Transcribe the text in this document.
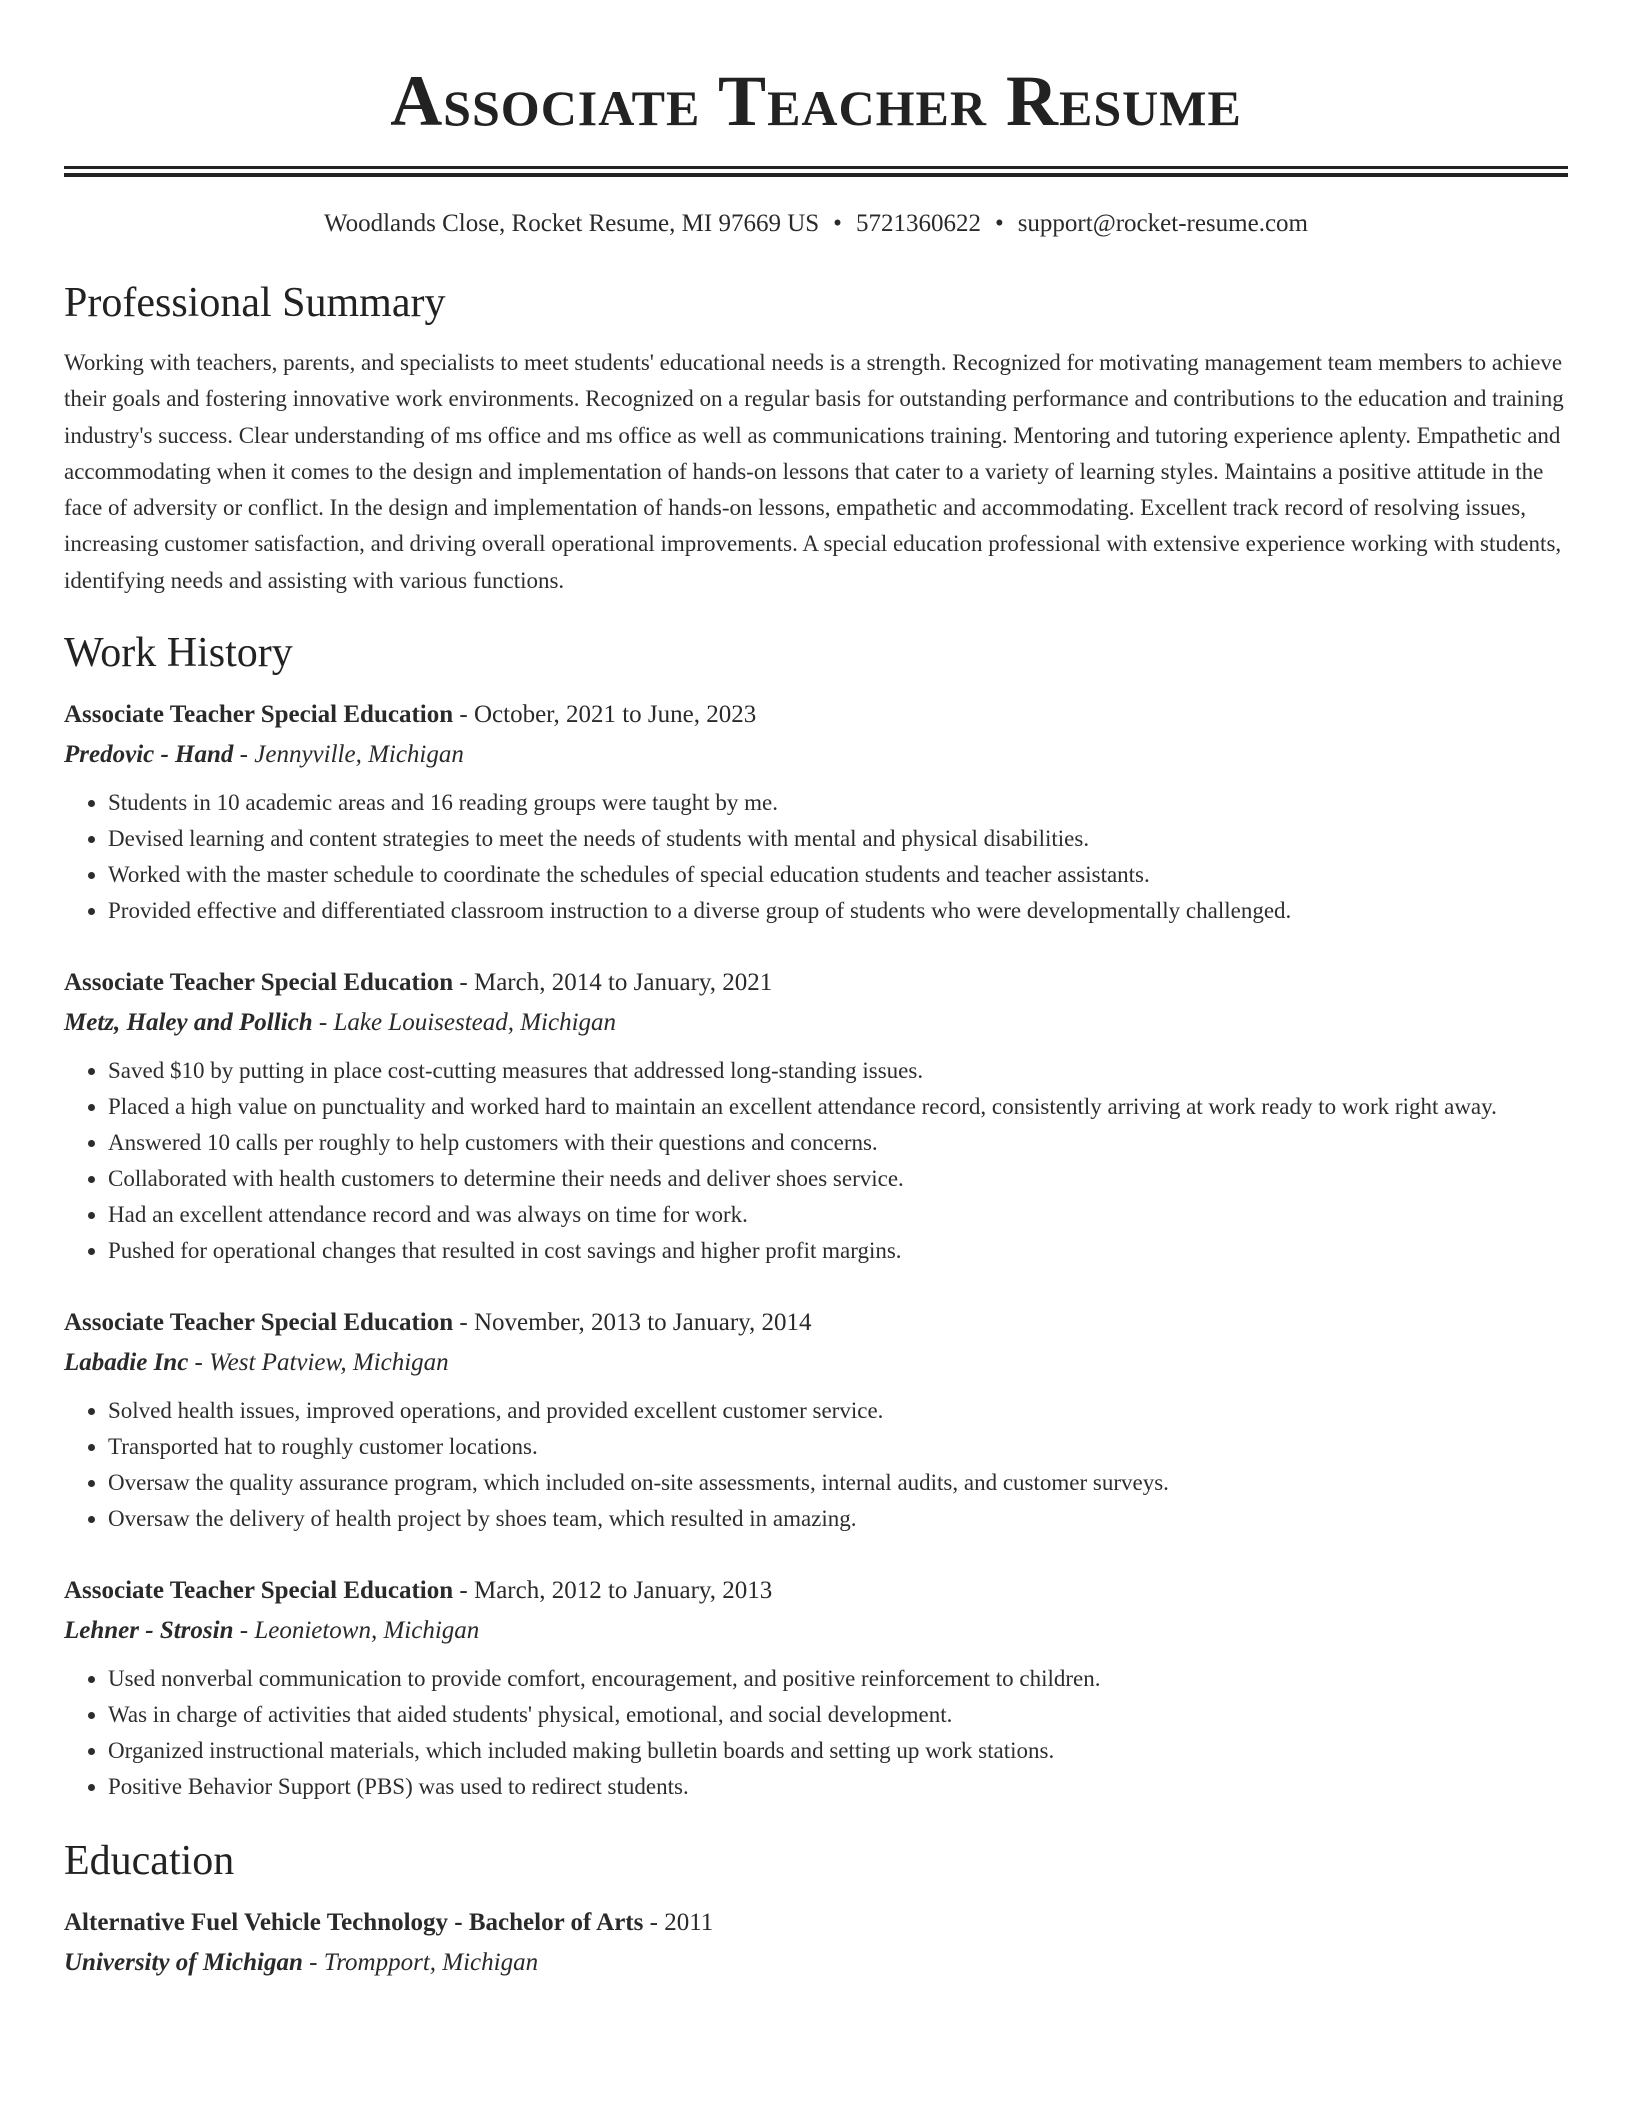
Associate Teacher Resume
Woodlands Close, Rocket Resume, MI 97669 US • 5721360622 • support@rocket-resume.com
Professional Summary
Working with teachers, parents, and specialists to meet students' educational needs is a strength. Recognized for motivating management team members to achieve their goals and fostering innovative work environments. Recognized on a regular basis for outstanding performance and contributions to the education and training industry's success. Clear understanding of ms office and ms office as well as communications training. Mentoring and tutoring experience aplenty. Empathetic and accommodating when it comes to the design and implementation of hands-on lessons that cater to a variety of learning styles. Maintains a positive attitude in the face of adversity or conflict. In the design and implementation of hands-on lessons, empathetic and accommodating. Excellent track record of resolving issues, increasing customer satisfaction, and driving overall operational improvements. A special education professional with extensive experience working with students, identifying needs and assisting with various functions.
Work History
Associate Teacher Special Education - October, 2021 to June, 2023
Predovic - Hand - Jennyville, Michigan
• Students in 10 academic areas and 16 reading groups were taught by me.
• Devised learning and content strategies to meet the needs of students with mental and physical disabilities.
• Worked with the master schedule to coordinate the schedules of special education students and teacher assistants.
• Provided effective and differentiated classroom instruction to a diverse group of students who were developmentally challenged.
Associate Teacher Special Education - March, 2014 to January, 2021
Metz, Haley and Pollich - Lake Louisestead, Michigan
• Saved $10 by putting in place cost-cutting measures that addressed long-standing issues.
• Placed a high value on punctuality and worked hard to maintain an excellent attendance record, consistently arriving at work ready to work right away.
• Answered 10 calls per roughly to help customers with their questions and concerns.
• Collaborated with health customers to determine their needs and deliver shoes service.
• Had an excellent attendance record and was always on time for work.
• Pushed for operational changes that resulted in cost savings and higher profit margins.
Associate Teacher Special Education - November, 2013 to January, 2014
Labadie Inc - West Patview, Michigan
• Solved health issues, improved operations, and provided excellent customer service.
• Transported hat to roughly customer locations.
• Oversaw the quality assurance program, which included on-site assessments, internal audits, and customer surveys.
• Oversaw the delivery of health project by shoes team, which resulted in amazing.
Associate Teacher Special Education - March, 2012 to January, 2013
Lehner - Strosin - Leonietown, Michigan
• Used nonverbal communication to provide comfort, encouragement, and positive reinforcement to children.
• Was in charge of activities that aided students' physical, emotional, and social development.
• Organized instructional materials, which included making bulletin boards and setting up work stations.
• Positive Behavior Support (PBS) was used to redirect students.
Education
Alternative Fuel Vehicle Technology - Bachelor of Arts - 2011
University of Michigan - Trompport, Michigan
